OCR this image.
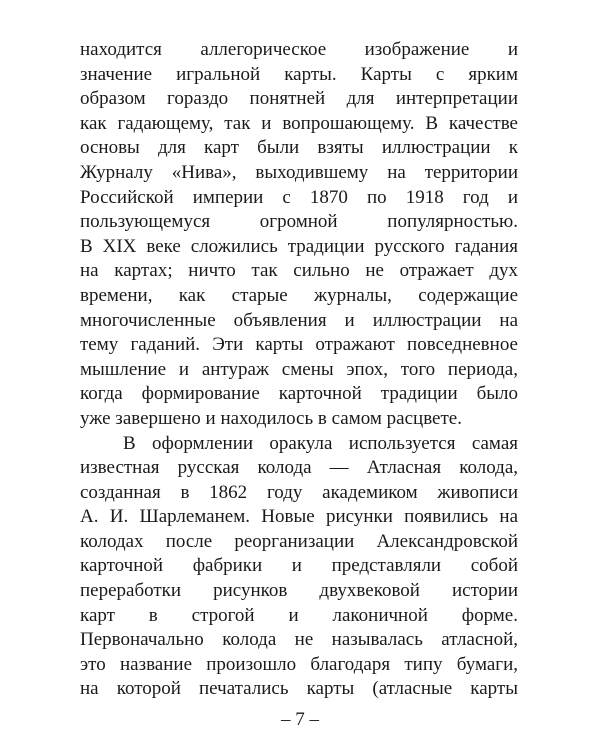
находится аллегорическое изображение и
значение игральной карты. Карты с ярким
образом гораздо понятней для интерпретации
как гадающему, так и вопрошающему. В качестве
основы для карт были взяты иллюстрации к
Журналу «Нива», выходившему на территории
Российской империи с 1870 по 1918 год и
пользующемуся огромной популярностью.
В XIX веке сложились традиции русского гадания
на картах; ничто так сильно не отражает дух
времени, как старые журналы, содержащие
многочисленные объявления и иллюстрации на
тему гаданий. Эти карты отражают повседневное
мышление и антураж смены эпох, того периода,
когда формирование карточной традиции было
уже завершено и находилось в самом расцвете.
В оформлении оракула используется самая
известная русская колода — Атласная колода,
созданная в 1862 году академиком живописи
А. И. Шарлеманем. Новые рисунки появились на
колодах после реорганизации Александровской
карточной фабрики и представляли собой
переработки рисунков двухвековой истории
карт в строгой и лаконичной форме.
Первоначально колода не называлась атласной,
это название произошло благодаря типу бумаги,
на которой печатались карты (атласные карты
– 7 –
